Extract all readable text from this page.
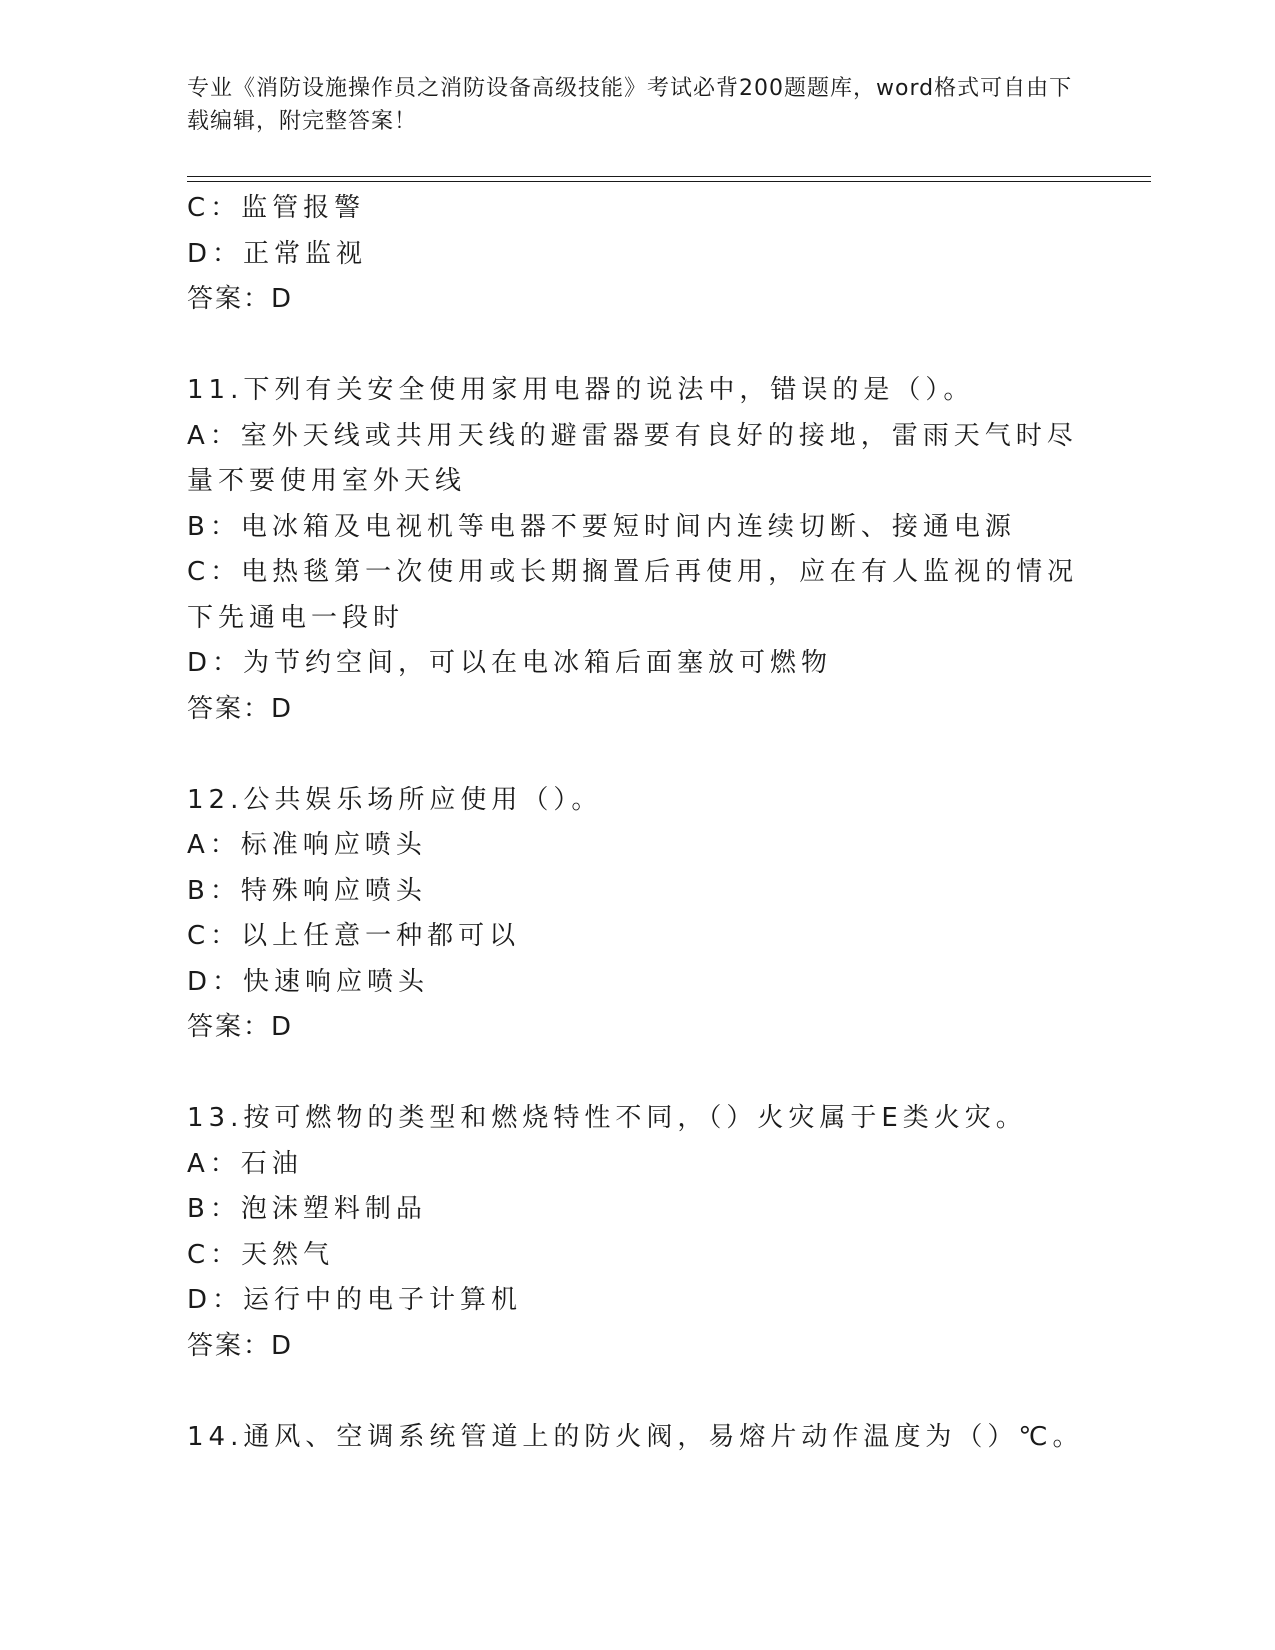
专业《消防设施操作员之消防设备高级技能》考试必背200题题库，word格式可自由下载编辑，附完整答案！
C：监管报警
D：正常监视
答案：D
11.下列有关安全使用家用电器的说法中，错误的是（）。
A：室外天线或共用天线的避雷器要有良好的接地，雷雨天气时尽量不要使用室外天线
B：电冰箱及电视机等电器不要短时间内连续切断、接通电源
C：电热毯第一次使用或长期搁置后再使用，应在有人监视的情况下先通电一段时
D：为节约空间，可以在电冰箱后面塞放可燃物
答案：D
12.公共娱乐场所应使用（）。
A：标准响应喷头
B：特殊响应喷头
C：以上任意一种都可以
D：快速响应喷头
答案：D
13.按可燃物的类型和燃烧特性不同，（）火灾属于E类火灾。
A：石油
B：泡沫塑料制品
C：天然气
D：运行中的电子计算机
答案：D
14.通风、空调系统管道上的防火阀，易熔片动作温度为（）℃。
